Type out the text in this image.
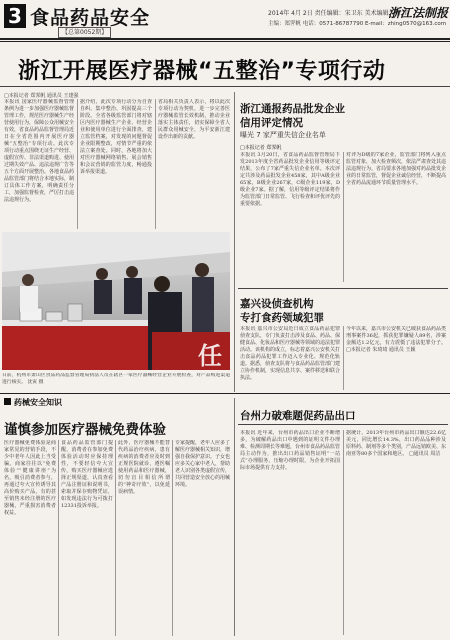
3 食品药品安全
【总第0052期】
2014年 4月 2日 责任编辑：宋卫东 美术编辑：杨 雷
主编：郑霁帆 电话：0571-86787790 E-mail：zhing0570@163.com
浙江法制报
浙江开展医疗器械“五整治”专项行动
□本报记者 郑霁帆 通讯员 王建强
本报讯 国家医疗器械监督管理条例为进一步加强医疗器械监督管理工作，规范医疗器械生产经营使用行为，保障公众用械安全有效，省食品药品监督管理局近日在全省范围内开展医疗器械“五整治”专项行动。此次专项行动重点围绕无证生产经营、虚假宣传、非法渠道购进、使用过期失效产品、违法违规广告等五个方面开展整治。各地食品药品监管部门将结合本地实际，制订具体工作方案，明确责任分工，加强监督检查，严厉打击违法违规行为。
据介绍，此次专项行动分为自查自纠、集中整治、巩固提高三个阶段。全省各级监管部门将对辖区内医疗器械生产企业、经营企业和使用单位进行全面排查，建立监管档案，对发现的问题督促企业限期整改，对情节严重的依法立案查处。同时，各地将加大对医疗器械网络销售、展会销售和会议营销的监管力度，畅通投诉举报渠道。
省局相关负责人表示，将以此次专项行动为契机，进一步完善医疗器械监管长效机制，推动企业落实主体责任，切实保障全省人民群众用械安全，为平安浙江建设作出新的贡献。
任
日前，杭州市萧山区食品药品监督管理局执法人员在辖区一家医疗器械经营企业开展检查，对产品购进渠道进行核实。 沈寅 摄
浙江通报药品批发企业
信用评定情况
曝光 7 家严重失信企业名单
□本报记者 郑霁帆
本报讯 3月20日，省食品药品监督管理局下发2013年度全省药品批发企业信用等级评定结果，公布了7家严重失信企业名单。本次评定共涉及药品批发企业458家，其中A级企业65家，B级企业267家，C级企业119家，D级企业7家。据了解，信用等级评定结果将作为监管部门日常监管、飞行检查和评优评先的重要依据。
对评为D级的7家企业，监管部门将列入重点监管对象，加大检查频次，依法严肃查处其违法违规行为。省局要求各地加强对药品批发企业的日常监管，督促企业诚信经营，不断提高全省药品流通环节质量管理水平。
嘉兴设侦查机构
专打食药领域犯罪
本报讯 嘉兴市公安局近日成立食品药品犯罪侦查支队，专门负责打击涉及食品、药品、保健食品、化妆品和医疗器械等领域的违法犯罪活动。该机构的成立，标志着嘉兴公安机关打击食品药品犯罪工作迈入专业化、规范化轨道。据悉，侦查支队将与食品药品监管部门建立协作机制，实现信息共享、案件移送和联合执法。
今年以来，嘉兴市公安机关已破获食品药品类刑事案件36起，抓获犯罪嫌疑人89名，涉案金额达1.2亿元，有力震慑了违法犯罪分子。 □本报记者 朱琦琦 通讯员 王颖
药械安全知识
谨慎参加医疗器械免费体验
医疗器械免费体验是商家常见的营销手段，不少中老年人因此上当受骗。商家往往以“免费体验”“健康讲座”为名，吸引消费者参与，再通过夸大宣传诱导其高价购买产品，有的甚至销售未经注册的医疗器械，严重损害消费者权益。
食品药品监管部门提醒，消费者在参加免费体验活动时应保持理性，不要轻信夸大宣传，购买医疗器械应选择正规渠道，认真查看产品注册证和说明书，索取并保存购物凭证，如发现违法行为可拨打12331投诉举报。
此外，医疗器械不能替代药品治疗疾病，患有疾病的消费者应及时到正规医院就诊，遵医嘱使用药品和医疗器械，切勿盲目相信所谓的“神奇疗效”，以免延误病情。
专家提醒，老年人应多了解医疗器械相关知识，增强自我保护意识。子女也应多关心家中老人，帮助老人识别各类虚假宣传，共同营造安全放心的用械环境。
台州力破难题促药品出口
本报讯 近年来，台州市药品出口企业不断增多，为破解药品出口中遇到的证明文件办理难、检测周期长等难题，台州市食品药品监管局主动作为，推出出口药品销售证明“一站式”办理服务，压缩办理时限，为企业开拓国际市场提供有力支持。
据统计，2013年台州市药品出口额达22.6亿美元，同比增长14.3%，出口药品品种涉及原料药、制剂等多个类别，产品远销欧美、东南亚等80多个国家和地区。 □通讯员 周洁
